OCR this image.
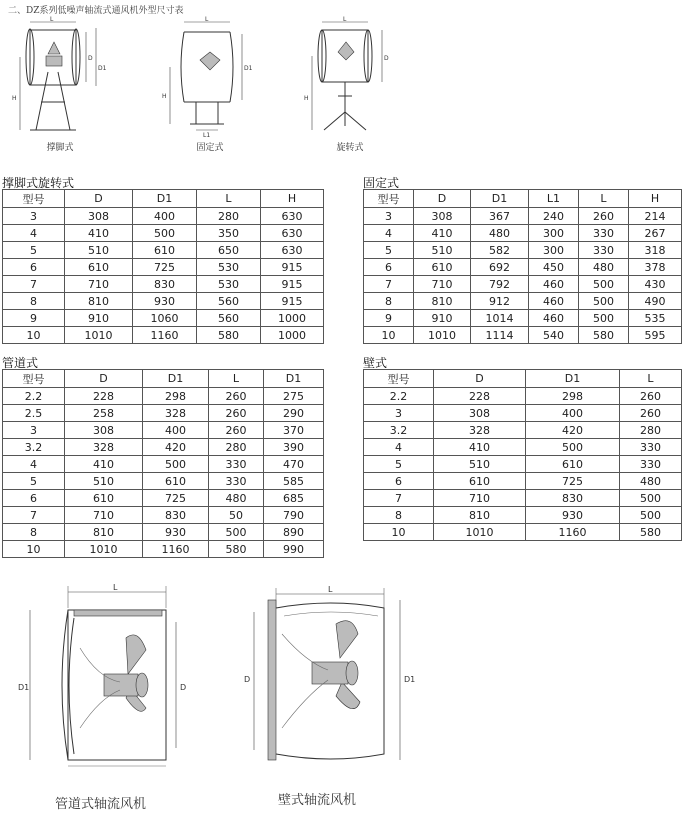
二、DZ系列低噪声轴流式通风机外型尺寸表
L
H
D
D1
撑脚式
L
L1
H
D1
固定式
L
H
D
旋转式
撑脚式旋转式
型号	D	D1	L	H
3	308	400	280	630
4	410	500	350	630
5	510	610	650	630
6	610	725	530	915
7	710	830	530	915
8	810	930	560	915
9	910	1060	560	1000
10	1010	1160	580	1000
固定式
型号	D	D1	L1	L	H
3	308	367	240	260	214
4	410	480	300	330	267
5	510	582	300	330	318
6	610	692	450	480	378
7	710	792	460	500	430
8	810	912	460	500	490
9	910	1014	460	500	535
10	1010	1114	540	580	595
管道式
型号	D	D1	L	D1
2.2	228	298	260	275
2.5	258	328	260	290
3	308	400	260	370
3.2	328	420	280	390
4	410	500	330	470
5	510	610	330	585
6	610	725	480	685
7	710	830	50	790
8	810	930	500	890
10	1010	1160	580	990
壁式
型号	D	D1	L
2.2	228	298	260
3	308	400	260
3.2	328	420	280
4	410	500	330
5	510	610	330
6	610	725	480
7	710	830	500
8	810	930	500
10	1010	1160	580
L
D1	D
管道式轴流风机
L
D	D1
壁式轴流风机
